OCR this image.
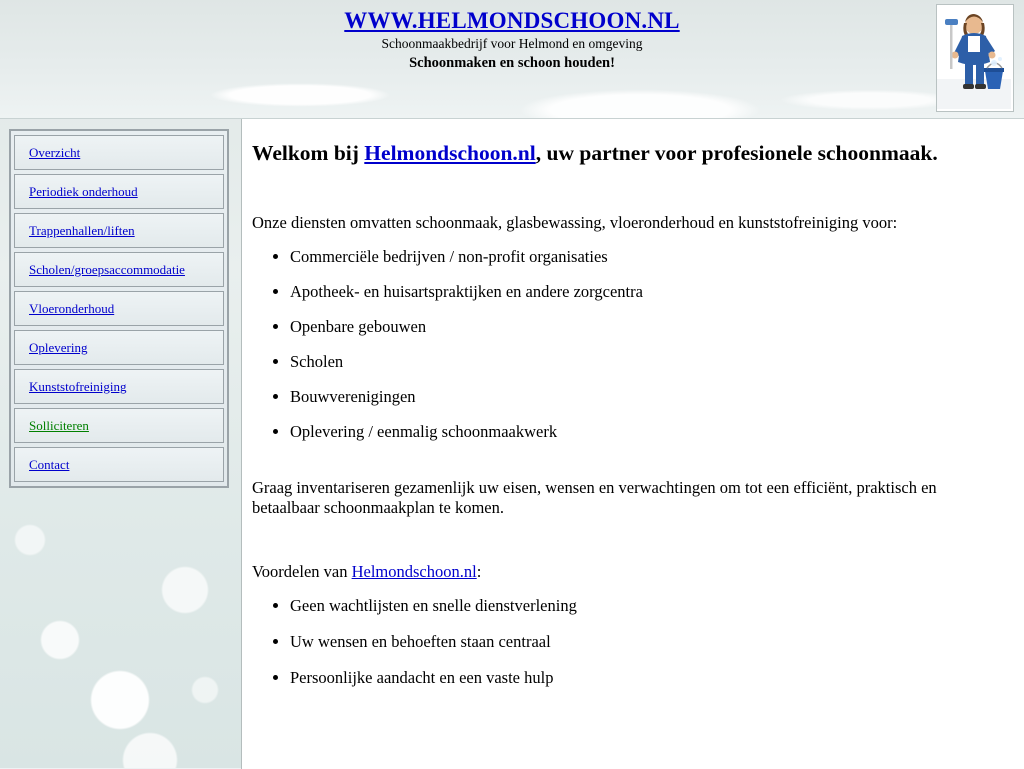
WWW.HELMONDSCHOON.NL
Schoonmaakbedrijf voor Helmond en omgeving
Schoonmaken en schoon houden!
Overzicht
Periodiek onderhoud
Trappenhallen/liften
Scholen/groepsaccommodatie
Vloeronderhoud
Oplevering
Kunststofreiniging
Solliciteren
Contact
Welkom bij Helmondschoon.nl, uw partner voor profesionele schoonmaak.

Onze diensten omvatten schoonmaak, glasbewassing, vloeronderhoud en kunststofreiniging voor:

• Commerciële bedrijven / non-profit organisaties
• Apotheek- en huisartspraktijken en andere zorgcentra
• Openbare gebouwen
• Scholen
• Bouwverenigingen
• Oplevering / eenmalig schoonmaakwerk

Graag inventariseren gezamenlijk uw eisen, wensen en verwachtingen om tot een efficiënt, praktisch en betaalbaar schoonmaakplan te komen.

Voordelen van Helmondschoon.nl:

• Geen wachtlijsten en snelle dienstverlening
• Uw wensen en behoeften staan centraal
• Persoonlijke aandacht en een vaste hulp
